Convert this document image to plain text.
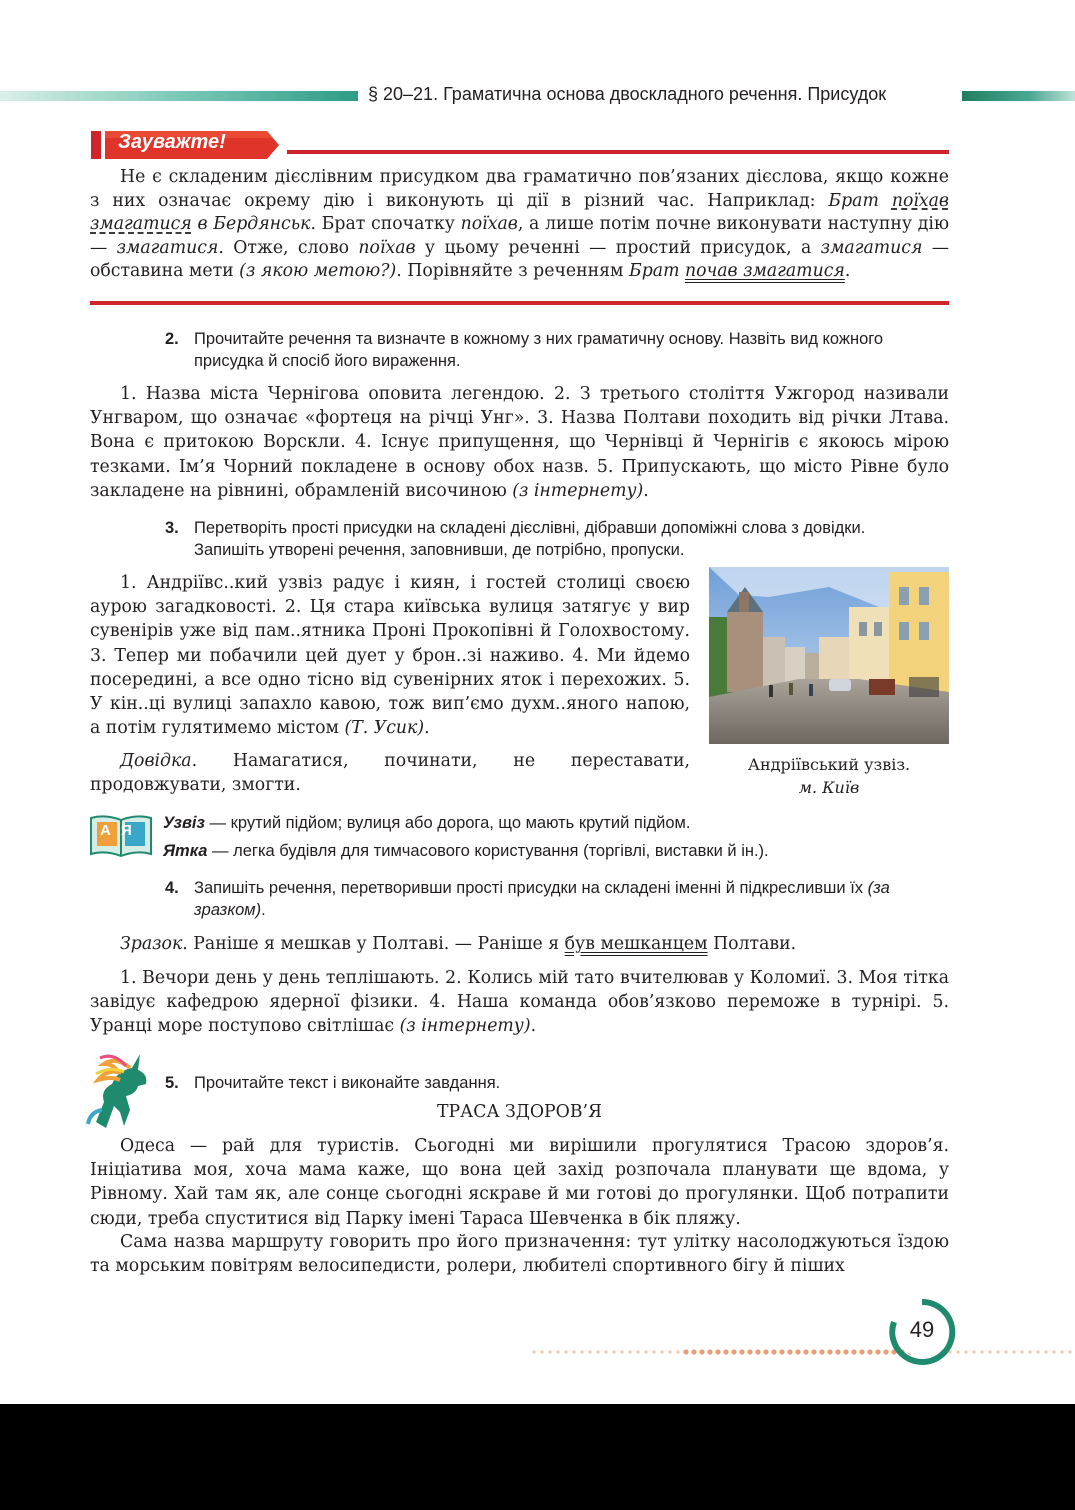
§ 20–21. Граматична основа двоскладного речення. Присудок
Зауважте!
Не є складеним дієслівним присудком два граматично пов’язаних дієслова, якщо кожне з них означає окрему дію і виконують ці дії в різний час. Наприклад: Брат поїхав змагатися в Бердянськ. Брат спочатку поїхав, а лише потім почне виконувати наступну дію — змагатися. Отже, слово поїхав у цьому реченні — простий присудок, а змагатися — обставина мети (з якою метою?). Порівняйте з реченням Брат почав змагатися.
2. Прочитайте речення та визначте в кожному з них граматичну основу. Назвіть вид кожного присудка й спосіб його вираження.
1. Назва міста Чернігова оповита легендою. 2. З третього століття Ужгород називали Унгваром, що означає «фортеця на річці Унг». 3. Назва Полтави походить від річки Лтава. Вона є притокою Ворскли. 4. Існує припущення, що Чернівці й Чернігів є якоюсь мірою тезками. Ім’я Чорний покладене в основу обох назв. 5. Припускають, що місто Рівне було закладене на рівнині, обрамленій височиною (з інтернету).
3. Перетворіть прості присудки на складені дієслівні, дібравши допоміжні слова з довідки. Запишіть утворені речення, заповнивши, де потрібно, пропуски.
1. Андріївс..кий узвіз радує і киян, і гостей столиці своєю аурою загадковості. 2. Ця стара київська вулиця затягує у вир сувенірів уже від пам..ятника Проні Прокопівні й Голохвостому. 3. Тепер ми побачили цей дует у брон..зі наживо. 4. Ми йдемо посередині, а все одно тісно від сувенірних яток і перехожих. 5. У кін..ці вулиці запахло кавою, тож вип’ємо духм..яного напою, а потім гулятимемо містом (Т. Усик).
Довідка. Намагатися, починати, не переставати, продовжувати, змогти.
Андріївський узвіз.
м. Київ
А Я	Узвіз — крутий підйом; вулиця або дорога, що мають крутий підйом.
Ятка — легка будівля для тимчасового користування (торгівлі, виставки й ін.).
4. Запишіть речення, перетворивши прості присудки на складені іменні й підкресливши їх (за зразком).
Зразок. Раніше я мешкав у Полтаві. — Раніше я був мешканцем Полтави.
1. Вечори день у день теплішають. 2. Колись мій тато вчителював у Коломиї. 3. Моя тітка завідує кафедрою ядерної фізики. 4. Наша команда обов’язково переможе в турнірі. 5. Уранці море поступово світлішає (з інтернету).
5. Прочитайте текст і виконайте завдання.
ТРАСА ЗДОРОВ’Я
Одеса — рай для туристів. Сьогодні ми вирішили прогулятися Трасою здоров’я. Ініціатива моя, хоча мама каже, що вона цей захід розпочала планувати ще вдома, у Рівному. Хай там як, але сонце сьогодні яскраве й ми готові до прогулянки. Щоб потрапити сюди, треба спуститися від Парку імені Тараса Шевченка в бік пляжу.
Сама назва маршруту говорить про його призначення: тут улітку насолоджуються їздою та морським повітрям велосипедисти, ролери, любителі спортивного бігу й піших
49
